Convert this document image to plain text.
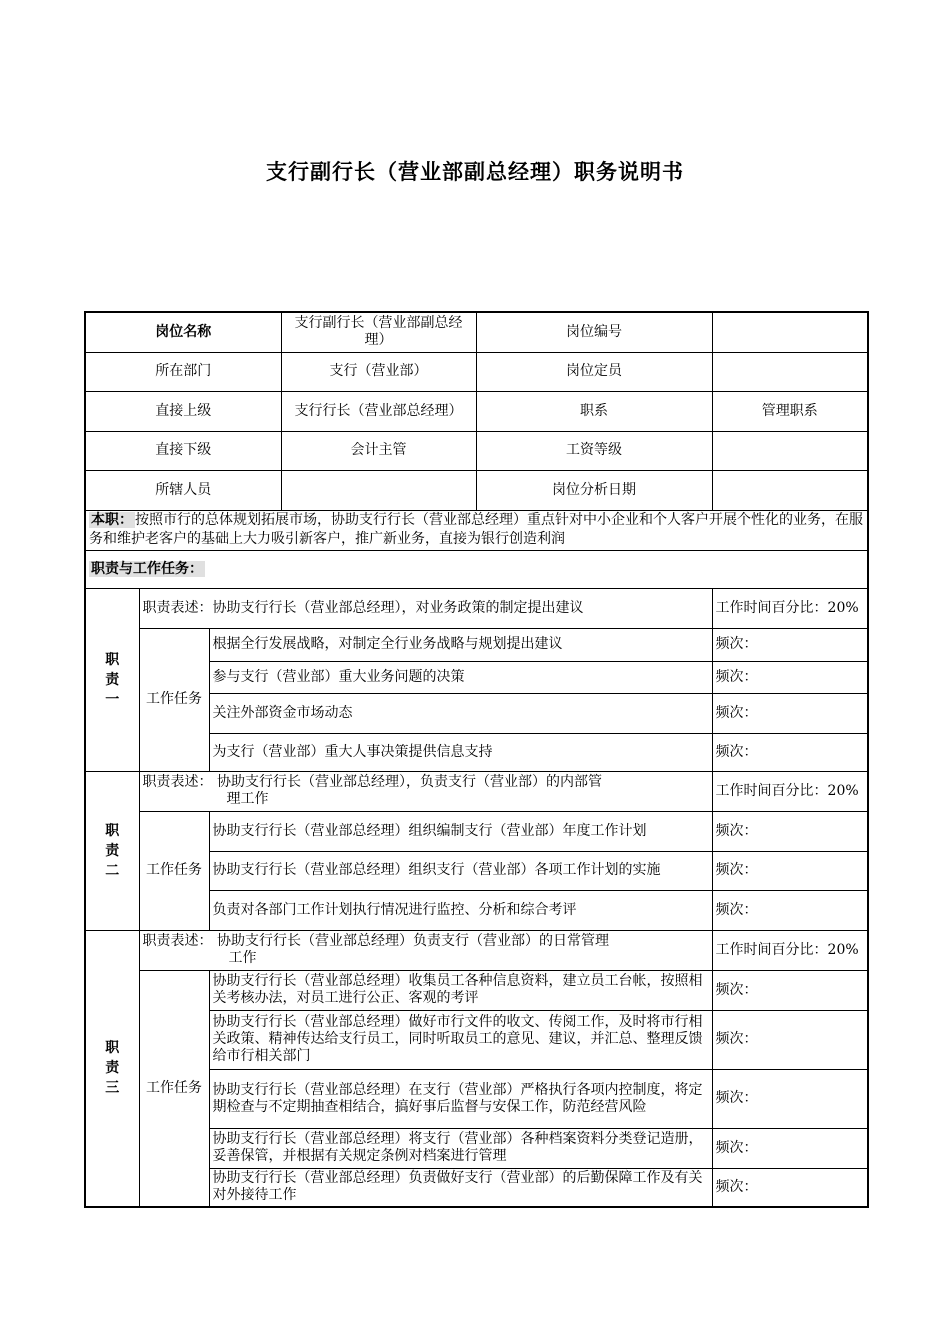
支行副行长（营业部副总经理）职务说明书
岗位名称			支行副行长（营业部副总经理）	岗位编号	
所在部门			支行（营业部）	岗位定员	
直接上级			支行行长（营业部总经理）	职系	管理职系
直接下级			会计主管	工资等级	
所辖人员				岗位分析日期	
本职： 按照市行的总体规划拓展市场，协助支行行长（营业部总经理）重点针对中小企业和个人客户开展个性化的业务，在服务和维护老客户的基础上大力吸引新客户，推广新业务，直接为银行创造利润					
职责与工作任务：					

职
责
一	职责表述：协助支行行长（营业部总经理），对业务政策的制定提出建议				工作时间百分比：20%
	工作任务	根据全行发展战略，对制定全行业务战略与规划提出建议			频次：
		参与支行（营业部）重大业务问题的决策			频次：
		关注外部资金市场动态			频次：
		为支行（营业部）重大人事决策提供信息支持			频次：

职
责
二	职责表述： 协助支行行长（营业部总经理），负责支行（营业部）的内部管
理工作				工作时间百分比：20%
	工作任务	协助支行行长（营业部总经理）组织编制支行（营业部）年度工作计划			频次：
		协助支行行长（营业部总经理）组织支行（营业部）各项工作计划的实施			频次：
		负责对各部门工作计划执行情况进行监控、分析和综合考评			频次：

职
责
三	职责表述： 协助支行行长（营业部总经理）负责支行（营业部）的日常管理
工作				工作时间百分比：20%
	工作任务	协助支行行长（营业部总经理）收集员工各种信息资料，建立员工台帐，按照相关考核办法，对员工进行公正、客观的考评			频次：
		协助支行行长（营业部总经理）做好市行文件的收文、传阅工作，及时将市行相关政策、精神传达给支行员工，同时听取员工的意见、建议，并汇总、整理反馈给市行相关部门			频次：
		协助支行行长（营业部总经理）在支行（营业部）严格执行各项内控制度，将定期检查与不定期抽查相结合，搞好事后监督与安保工作，防范经营风险			频次：
		协助支行行长（营业部总经理）将支行（营业部）各种档案资料分类登记造册，妥善保管，并根据有关规定条例对档案进行管理			频次：
		协助支行行长（营业部总经理）负责做好支行（营业部）的后勤保障工作及有关对外接待工作			频次：
